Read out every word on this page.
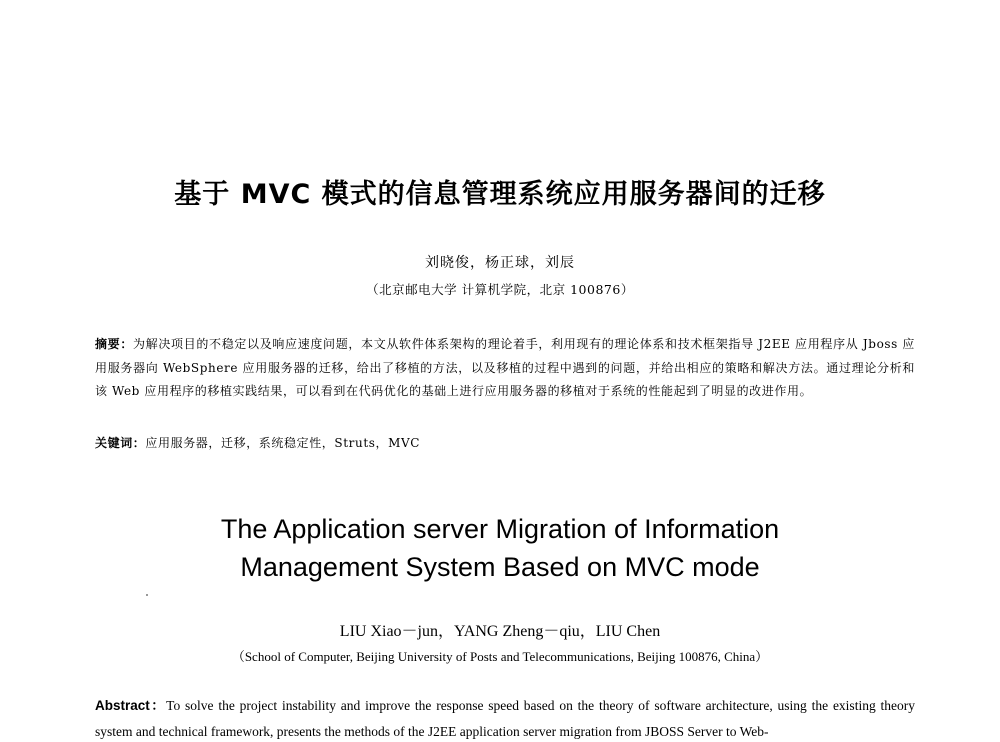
基于 MVC 模式的信息管理系统应用服务器间的迁移
刘晓俊，杨正球，刘辰
（北京邮电大学 计算机学院，北京 100876）
摘要：为解决项目的不稳定以及响应速度问题，本文从软件体系架构的理论着手，利用现有的理论体系和技术框架指导 J2EE 应用程序从 Jboss 应用服务器向 WebSphere 应用服务器的迁移，给出了移植的方法，以及移植的过程中遇到的问题，并给出相应的策略和解决方法。通过理论分析和该 Web 应用程序的移植实践结果，可以看到在代码优化的基础上进行应用服务器的移植对于系统的性能起到了明显的改进作用。
关键词：应用服务器，迁移，系统稳定性，Struts，MVC
The Application server Migration of Information
Management System Based on MVC mode
LIU Xiao－jun，YANG Zheng－qiu，LIU Chen
（School of Computer, Beijing University of Posts and Telecommunications, Beijing 100876, China）
Abstract：To solve the project instability and improve the response speed based on the theory of software architecture, using the existing theory system and technical framework, presents the methods of the J2EE application server migration from JBOSS Server to Web-
